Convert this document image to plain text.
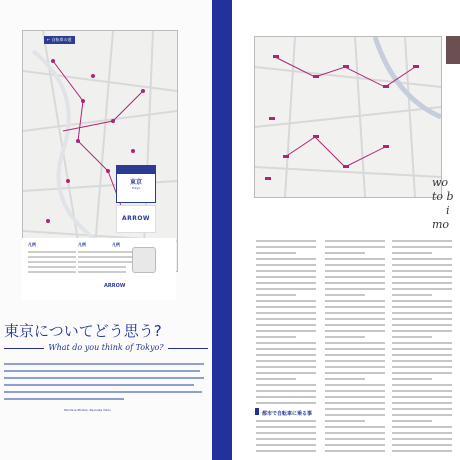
← 自転車の道
東京
Tokyo
ARROW
凡例	凡例	凡例
ARROW
東京についてどう思う?
What do you think of Tokyo?
Words & Photos: Ryosuke Yokoi
wo
to b
i
mo
都市で自転車に乗る事
